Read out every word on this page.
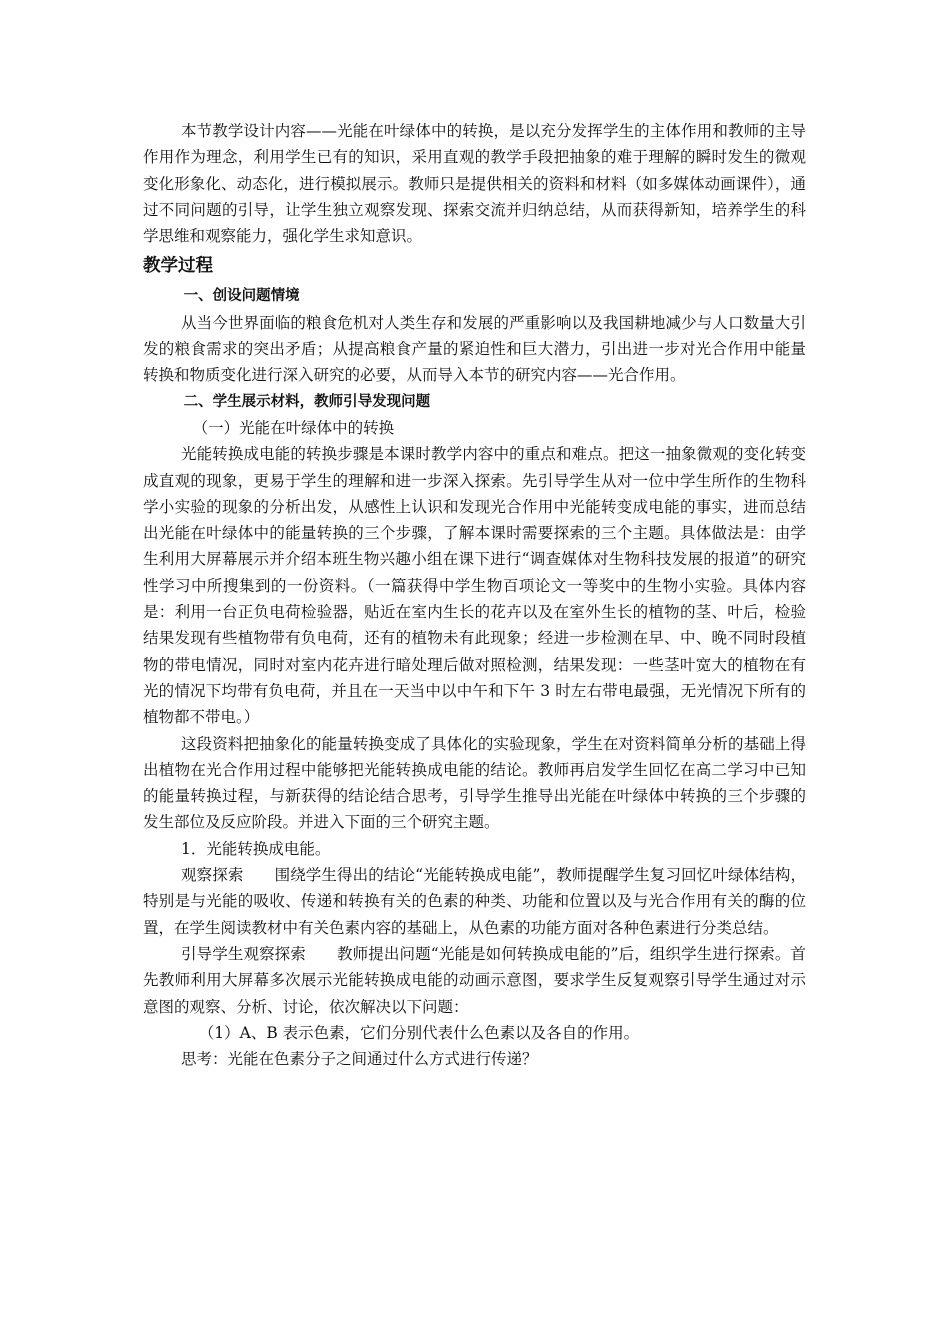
本节教学设计内容——光能在叶绿体中的转换，是以充分发挥学生的主体作用和教师的主导作用作为理念，利用学生已有的知识，采用直观的教学手段把抽象的难于理解的瞬时发生的微观变化形象化、动态化，进行模拟展示。教师只是提供相关的资料和材料（如多媒体动画课件），通过不同问题的引导，让学生独立观察发现、探索交流并归纳总结，从而获得新知，培养学生的科学思维和观察能力，强化学生求知意识。

教学过程
一、创设问题情境

从当今世界面临的粮食危机对人类生存和发展的严重影响以及我国耕地减少与人口数量大引发的粮食需求的突出矛盾；从提高粮食产量的紧迫性和巨大潜力，引出进一步对光合作用中能量转换和物质变化进行深入研究的必要，从而导入本节的研究内容——光合作用。

二、学生展示材料，教师引导发现问题

（一）光能在叶绿体中的转换

光能转换成电能的转换步骤是本课时教学内容中的重点和难点。把这一抽象微观的变化转变成直观的现象，更易于学生的理解和进一步深入探索。先引导学生从对一位中学生所作的生物科学小实验的现象的分析出发，从感性上认识和发现光合作用中光能转变成电能的事实，进而总结出光能在叶绿体中的能量转换的三个步骤，了解本课时需要探索的三个主题。具体做法是：由学生利用大屏幕展示并介绍本班生物兴趣小组在课下进行“调查媒体对生物科技发展的报道”的研究性学习中所搜集到的一份资料。（一篇获得中学生物百项论文一等奖中的生物小实验。具体内容是：利用一台正负电荷检验器，贴近在室内生长的花卉以及在室外生长的植物的茎、叶后，检验结果发现有些植物带有负电荷，还有的植物未有此现象；经进一步检测在早、中、晚不同时段植物的带电情况，同时对室内花卉进行暗处理后做对照检测，结果发现：一些茎叶宽大的植物在有光的情况下均带有负电荷，并且在一天当中以中午和下午 3 时左右带电最强，无光情况下所有的植物都不带电。）

这段资料把抽象化的能量转换变成了具体化的实验现象，学生在对资料简单分析的基础上得出植物在光合作用过程中能够把光能转换成电能的结论。教师再启发学生回忆在高二学习中已知的能量转换过程，与新获得的结论结合思考，引导学生推导出光能在叶绿体中转换的三个步骤的发生部位及反应阶段。并进入下面的三个研究主题。

1．光能转换成电能。

观察探索 围绕学生得出的结论“光能转换成电能”，教师提醒学生复习回忆叶绿体结构，特别是与光能的吸收、传递和转换有关的色素的种类、功能和位置以及与光合作用有关的酶的位置，在学生阅读教材中有关色素内容的基础上，从色素的功能方面对各种色素进行分类总结。

引导学生观察探索 教师提出问题“光能是如何转换成电能的”后，组织学生进行探索。首先教师利用大屏幕多次展示光能转换成电能的动画示意图，要求学生反复观察引导学生通过对示意图的观察、分析、讨论，依次解决以下问题：

（1）A、B 表示色素，它们分别代表什么色素以及各自的作用。

思考：光能在色素分子之间通过什么方式进行传递？
